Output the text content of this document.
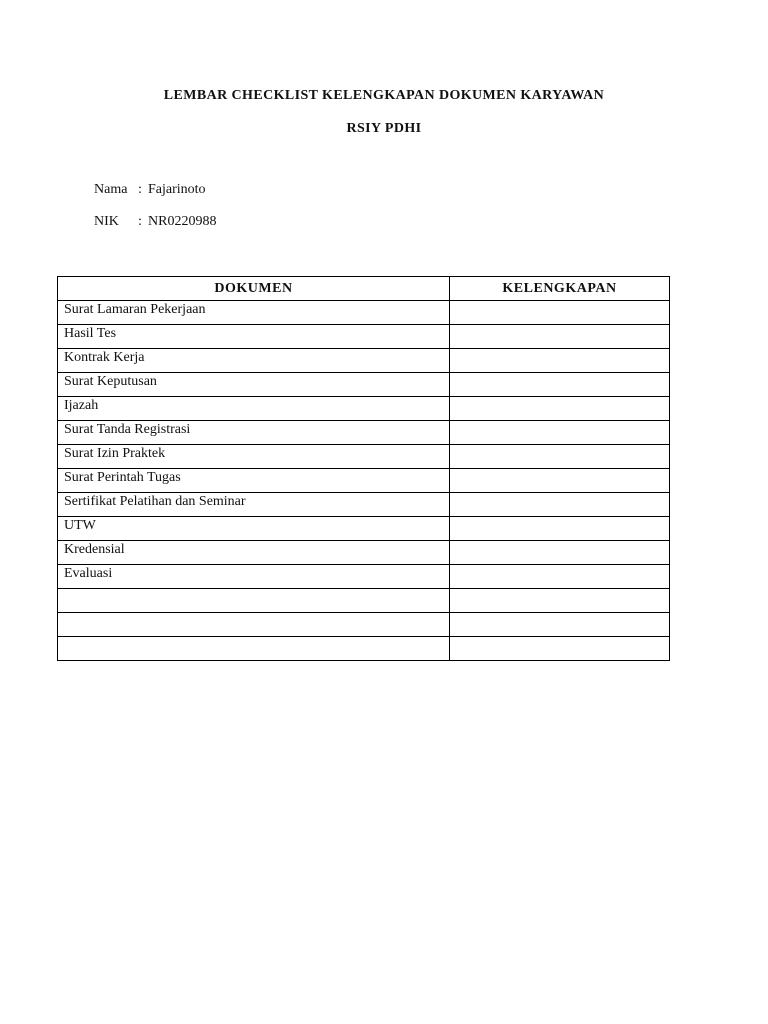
LEMBAR CHECKLIST KELENGKAPAN DOKUMEN KARYAWAN
RSIY PDHI
Nama : Fajarinoto
NIK	: NR0220988
DOKUMEN	KELENGKAPAN
Surat Lamaran Pekerjaan	
Hasil Tes	
Kontrak Kerja	
Surat Keputusan	
Ijazah	
Surat Tanda Registrasi	
Surat Izin Praktek	
Surat Perintah Tugas	
Sertifikat Pelatihan dan Seminar	
UTW	
Kredensial	
Evaluasi	
